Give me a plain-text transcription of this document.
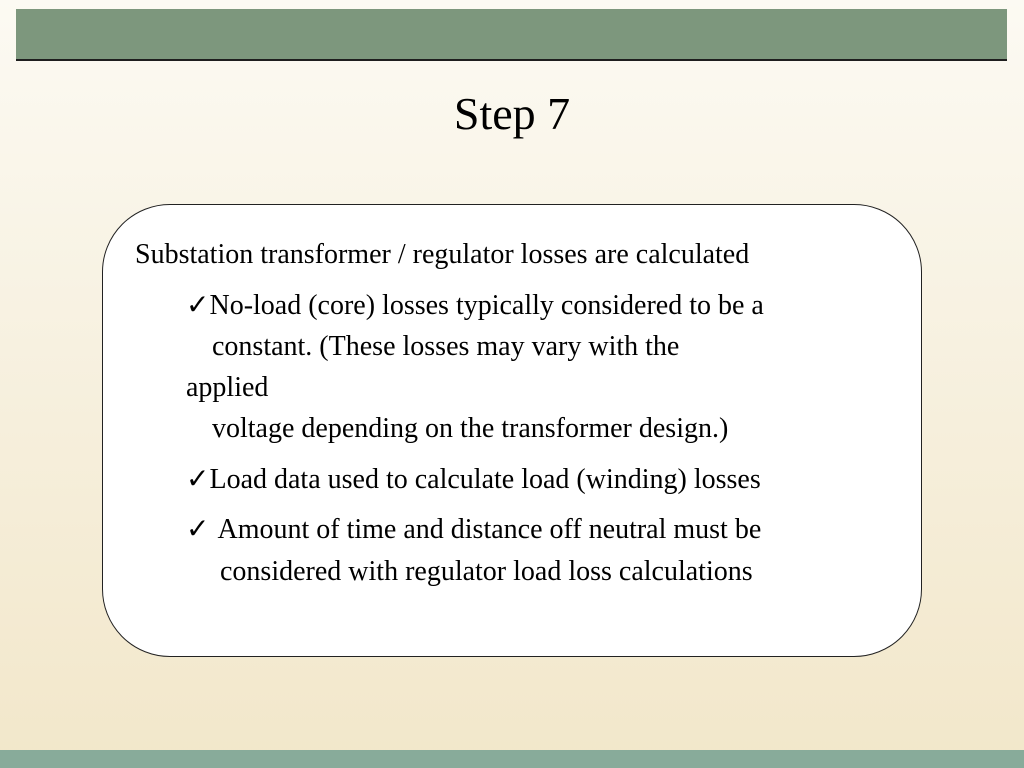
Step 7
Substation transformer / regulator losses are calculated
✓No-load (core) losses typically considered to be a
constant. (These losses may vary with the
applied
voltage depending on the transformer design.)
✓Load data used to calculate load (winding) losses
✓ Amount of time and distance off neutral must be
considered with regulator load loss calculations
